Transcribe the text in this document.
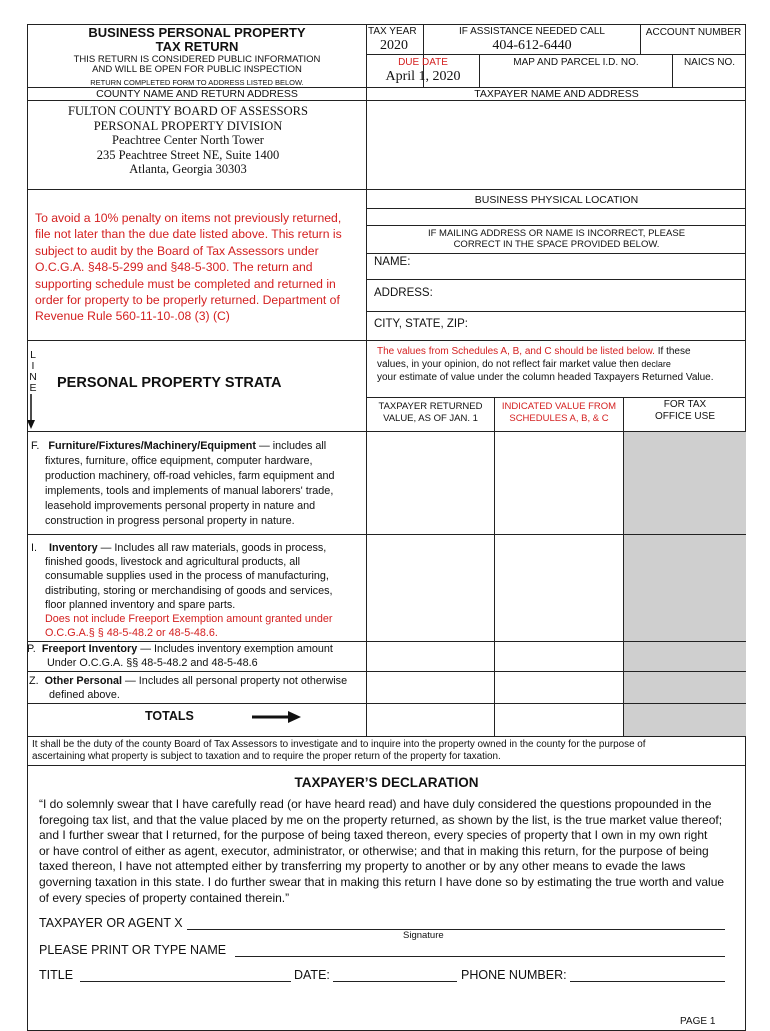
BUSINESS PERSONAL PROPERTY
TAX RETURN
THIS RETURN IS CONSIDERED PUBLIC INFORMATION
AND WILL BE OPEN FOR PUBLIC INSPECTION
RETURN COMPLETED FORM TO ADDRESS LISTED BELOW.
TAX YEAR
2020
IF ASSISTANCE NEEDED CALL
404-612-6440
ACCOUNT NUMBER
DUE DATE
April 1, 2020
MAP AND PARCEL I.D. NO.	NAICS NO.
COUNTY NAME AND RETURN ADDRESS	TAXPAYER NAME AND ADDRESS
FULTON COUNTY BOARD OF ASSESSORS
PERSONAL PROPERTY DIVISION
Peachtree Center North Tower
235 Peachtree Street NE, Suite 1400
Atlanta, Georgia 30303
BUSINESS PHYSICAL LOCATION
IF MAILING ADDRESS OR NAME IS INCORRECT, PLEASE
CORRECT IN THE SPACE PROVIDED BELOW.
NAME:
ADDRESS:
CITY, STATE, ZIP:
To avoid a 10% penalty on items not previously returned,
file not later than the due date listed above. This return is
subject to audit by the Board of Tax Assessors under
O.C.G.A. §48-5-299 and §48-5-300. The return and
supporting schedule must be completed and returned in
order for property to be properly returned. Department of
Revenue Rule 560-11-10-.08 (3) (C)
L
I
N
E PERSONAL PROPERTY STRATA
The values from Schedules A, B, and C should be listed below. If these
values, in your opinion, do not reflect fair market value then declare
your estimate of value under the column headed Taxpayers Returned Value.
TAXPAYER RETURNED
VALUE, AS OF JAN. 1
INDICATED VALUE FROM
SCHEDULES A, B, & C
FOR TAX
OFFICE USE
F. Furniture/Fixtures/Machinery/Equipment — includes all
fixtures, furniture, office equipment, computer hardware,
production machinery, off-road vehicles, farm equipment and
implements, tools and implements of manual laborers' trade,
leasehold improvements personal property in nature and
construction in progress personal property in nature.
I. Inventory — Includes all raw materials, goods in process,
finished goods, livestock and agricultural products, all
consumable supplies used in the process of manufacturing,
distributing, storing or merchandising of goods and services,
floor planned inventory and spare parts.
Does not include Freeport Exemption amount granted under
O.C.G.A.§ § 48-5-48.2 or 48-5-48.6.
P. Freeport Inventory — Includes inventory exemption amount
Under O.C.G.A. §§ 48-5-48.2 and 48-5-48.6
Z. Other Personal — Includes all personal property not otherwise
defined above.
TOTALS
It shall be the duty of the county Board of Tax Assessors to investigate and to inquire into the property owned in the county for the purpose of
ascertaining what property is subject to taxation and to require the proper return of the property for taxation.
TAXPAYER’S DECLARATION
“I do solemnly swear that I have carefully read (or have heard read) and have duly considered the questions propounded in the
foregoing tax list, and that the value placed by me on the property returned, as shown by the list, is the true market value thereof;
and I further swear that I returned, for the purpose of being taxed thereon, every species of property that I own in my own right
or have control of either as agent, executor, administrator, or otherwise; and that in making this return, for the purpose of being
taxed thereon, I have not attempted either by transferring my property to another or by any other means to evade the laws
governing taxation in this state. I do further swear that in making this return I have done so by estimating the true worth and value
of every species of property contained therein.”
TAXPAYER OR AGENT X
Signature
PLEASE PRINT OR TYPE NAME
TITLE	DATE:	PHONE NUMBER:
PAGE 1
